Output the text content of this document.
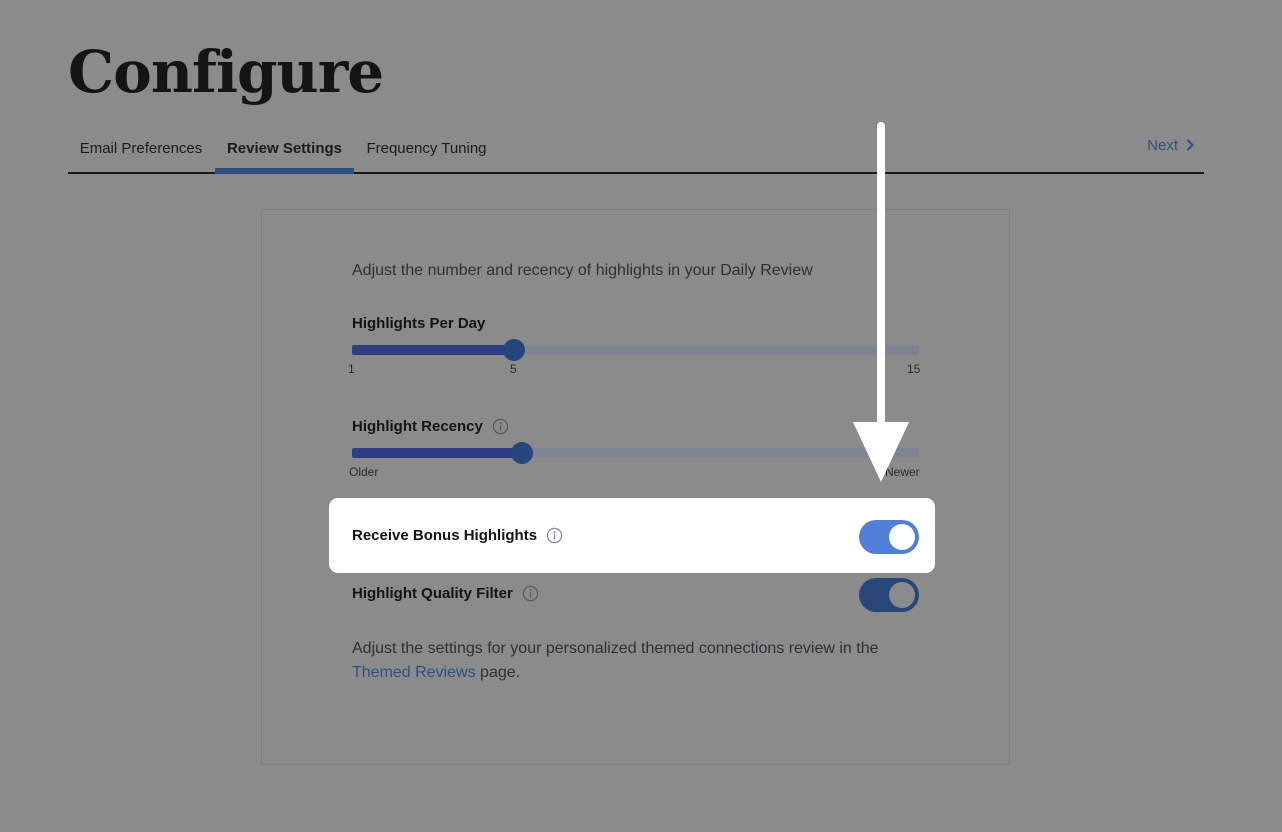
Configure
Email Preferences	Review Settings	Frequency Tuning	Next
Adjust the number and recency of highlights in your Daily Review
Highlights Per Day
1	5	15
Highlight Recency
Older	Newer
Receive Bonus Highlights
Highlight Quality Filter
Adjust the settings for your personalized themed connections review in the
Themed Reviews page.
